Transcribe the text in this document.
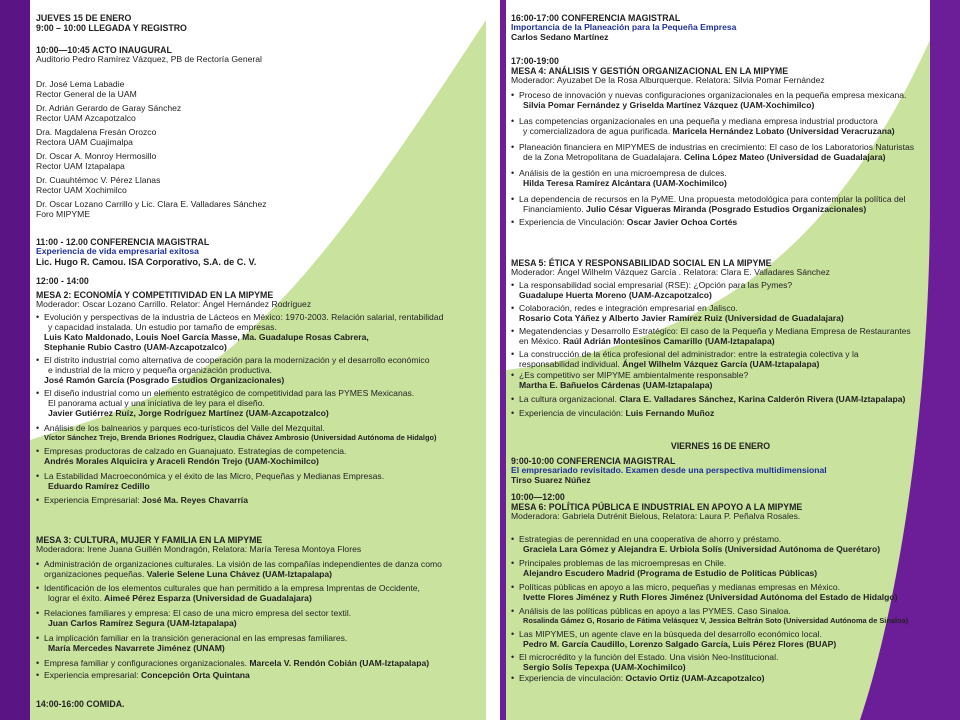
JUEVES 15 DE ENERO
9:00 – 10:00 LLEGADA Y REGISTRO
10:00—10:45 ACTO INAUGURAL
Auditorio Pedro Ramírez Vázquez, PB de Rectoría General
Dr. José Lema Labadie
Rector General de la UAM
Dr. Adrián Gerardo de Garay Sánchez
Rector UAM Azcapotzalco
Dra. Magdalena Fresán Orozco
Rectora UAM Cuajimalpa
Dr. Oscar A. Monroy Hermosillo
Rector UAM Iztapalapa
Dr. Cuauhtémoc V. Pérez Llanas
Rector UAM Xochimilco
Dr. Oscar Lozano Carrillo y Lic. Clara E. Valladares Sánchez
Foro MIPYME
11:00 - 12.00 CONFERENCIA MAGISTRAL
Experiencia de vida empresarial exitosa
Lic. Hugo R. Camou. ISA Corporativo, S.A. de C. V.
12:00 - 14:00
MESA 2: ECONOMÍA Y COMPETITIVIDAD EN LA MIPYME
Moderador: Oscar Lozano Carrillo. Relator: Ángel Hernández Rodríguez
• Evolución y perspectivas de la industria de Lácteos en México: 1970-2003. Relación salarial, rentabilidad
y capacidad instalada. Un estudio por tamaño de empresas.
Luis Kato Maldonado, Louis Noel García Masse, Ma. Guadalupe Rosas Cabrera,
Stephanie Rubio Castro (UAM-Azcapotzalco)
• El distrito industrial como alternativa de cooperación para la modernización y el desarrollo económico
e industrial de la micro y pequeña organización productiva.
José Ramón García (Posgrado Estudios Organizacionales)
• El diseño industrial como un elemento estratégico de competitividad para las PYMES Mexicanas.
El panorama actual y una iniciativa de ley para el diseño.
Javier Gutiérrez Ruíz, Jorge Rodríguez Martínez (UAM-Azcapotzalco)
• Análisis de los balnearios y parques eco-turísticos del Valle del Mezquital.
Víctor Sánchez Trejo, Brenda Briones Rodríguez, Claudia Chávez Ambrosio (Universidad Autónoma de Hidalgo)
• Empresas productoras de calzado en Guanajuato. Estrategias de competencia.
Andrés Morales Alquicira y Araceli Rendón Trejo (UAM-Xochimilco)
• La Estabilidad Macroeconómica y el éxito de las Micro, Pequeñas y Medianas Empresas.
Eduardo Ramírez Cedillo
• Experiencia Empresarial: José Ma. Reyes Chavarría
MESA 3: CULTURA, MUJER Y FAMILIA EN LA MIPYME
Moderadora: Irene Juana Guillén Mondragón, Relatora: María Teresa Montoya Flores
• Administración de organizaciones culturales. La visión de las compañías independientes de danza como
organizaciones pequeñas. Valerie Selene Luna Chávez (UAM-Iztapalapa)
• Identificación de los elementos culturales que han permitido a la empresa Imprentas de Occidente,
lograr el éxito. Aimeé Pérez Esparza (Universidad de Guadalajara)
• Relaciones familiares y empresa: El caso de una micro empresa del sector textil.
Juan Carlos Ramírez Segura (UAM-Iztapalapa)
• La implicación familiar en la transición generacional en las empresas familiares.
María Mercedes Navarrete Jiménez (UNAM)
• Empresa familiar y configuraciones organizacionales. Marcela V. Rendón Cobián (UAM-Iztapalapa)
• Experiencia empresarial: Concepción Orta Quintana
14:00-16:00 COMIDA.
16:00-17:00 CONFERENCIA MAGISTRAL
Importancia de la Planeación para la Pequeña Empresa
Carlos Sedano Martínez
17:00-19:00
MESA 4: ANÁLISIS Y GESTIÓN ORGANIZACIONAL EN LA MIPYME
Moderador: Ayuzabet De la Rosa Alburquerque. Relatora: Silvia Pomar Fernández
• Proceso de innovación y nuevas configuraciones organizacionales en la pequeña empresa mexicana.
Silvia Pomar Fernández y Griselda Martínez Vázquez (UAM-Xochimilco)
• Las competencias organizacionales en una pequeña y mediana empresa industrial productora
y comercializadora de agua purificada. Maricela Hernández Lobato (Universidad Veracruzana)
• Planeación financiera en MIPYMES de industrias en crecimiento: El caso de los Laboratorios Naturistas
de la Zona Metropolitana de Guadalajara. Celina López Mateo (Universidad de Guadalajara)
• Análisis de la gestión en una microempresa de dulces.
Hilda Teresa Ramírez Alcántara (UAM-Xochimilco)
• La dependencia de recursos en la PyME. Una propuesta metodológica para contemplar la política del
Financiamiento. Julio César Vigueras Miranda (Posgrado Estudios Organizacionales)
• Experiencia de Vinculación: Oscar Javier Ochoa Cortés
MESA 5: ÉTICA Y RESPONSABILIDAD SOCIAL EN LA MIPYME
Moderador: Ángel Wilhelm Vázquez García . Relatora: Clara E. Valladares Sánchez
• La responsabilidad social empresarial (RSE): ¿Opción para las Pymes?
Guadalupe Huerta Moreno (UAM-Azcapotzalco)
• Colaboración, redes e integración empresarial en Jalisco.
Rosario Cota Yáñez y Alberto Javier Ramírez Ruiz (Universidad de Guadalajara)
• Megatendencias y Desarrollo Estratégico: El caso de la Pequeña y Mediana Empresa de Restaurantes
en México. Raúl Adrián Montesinos Camarillo (UAM-Iztapalapa)
• La construcción de la ética profesional del administrador: entre la estrategia colectiva y la
responsabilidad individual. Ángel Wilhelm Vázquez García (UAM-Iztapalapa)
• ¿Es competitivo ser MIPYME ambientalmente responsable?
Martha E. Bañuelos Cárdenas (UAM-Iztapalapa)
• La cultura organizacional. Clara E. Valladares Sánchez, Karina Calderón Rivera (UAM-Iztapalapa)
• Experiencia de vinculación: Luis Fernando Muñoz
VIERNES 16 DE ENERO
9:00-10:00 CONFERENCIA MAGISTRAL
El empresariado revisitado. Examen desde una perspectiva multidimensional
Tirso Suarez Núñez
10:00—12:00
MESA 6: POLÍTICA PÚBLICA E INDUSTRIAL EN APOYO A LA MIPYME
Moderadora: Gabriela Dutrénit Bielous, Relatora: Laura P. Peñalva Rosales.
• Estrategias de perennidad en una cooperativa de ahorro y préstamo.
Graciela Lara Gómez y Alejandra E. Urbiola Solís (Universidad Autónoma de Querétaro)
• Principales problemas de las microempresas en Chile.
Alejandro Escudero Madrid (Programa de Estudio de Políticas Públicas)
• Políticas públicas en apoyo a las micro, pequeñas y medianas empresas en México.
Ivette Flores Jiménez y Ruth Flores Jiménez (Universidad Autónoma del Estado de Hidalgo)
• Análisis de las políticas públicas en apoyo a las PYMES. Caso Sinaloa.
Rosalinda Gámez G, Rosario de Fátima Velásquez V, Jessica Beltrán Soto (Universidad Autónoma de Sinaloa)
• Las MIPYMES, un agente clave en la búsqueda del desarrollo económico local.
Pedro M. García Caudillo, Lorenzo Salgado García, Luis Pérez Flores (BUAP)
• El microcrédito y la función del Estado. Una visión Neo-Institucional.
Sergio Solís Tepexpa (UAM-Xochimilco)
• Experiencia de vinculación: Octavio Ortiz (UAM-Azcapotzalco)
